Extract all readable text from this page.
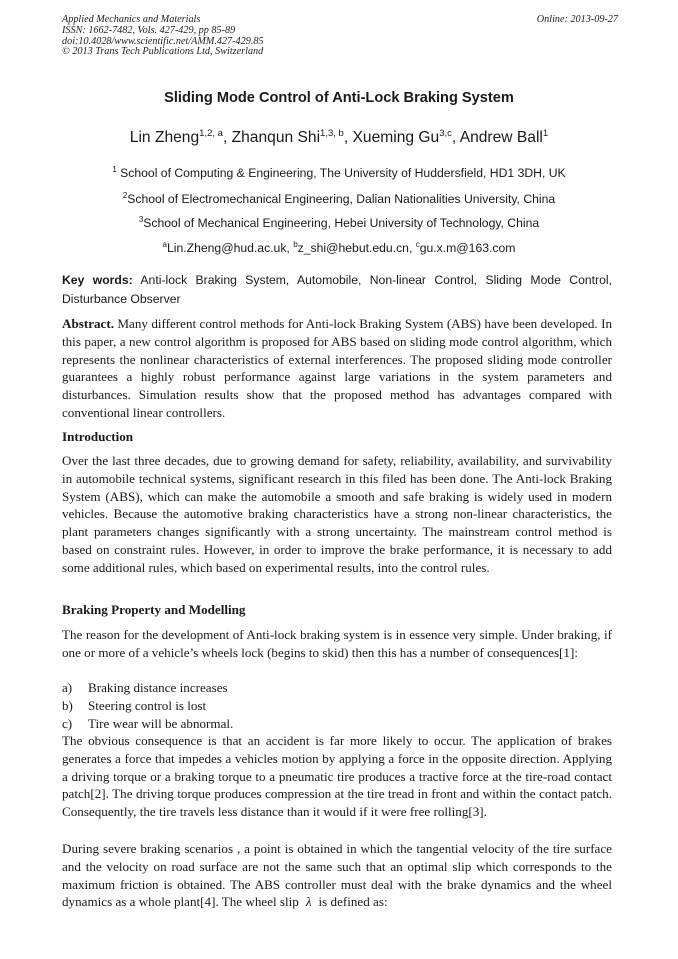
Applied Mechanics and Materials
ISSN: 1662-7482, Vols. 427-429, pp 85-89
doi:10.4028/www.scientific.net/AMM.427-429.85
© 2013 Trans Tech Publications Ltd, Switzerland
Online: 2013-09-27
Sliding Mode Control of Anti-Lock Braking System
Lin Zheng$^{1,2, a}$, Zhanqun Shi$^{1,3, b}$, Xueming Gu$^{3,c}$, Andrew Ball$^1$
$^1$ School of Computing & Engineering, The University of Huddersfield, HD1 3DH, UK
$^2$School of Electromechanical Engineering, Dalian Nationalities University, China
$^3$School of Mechanical Engineering, Hebei University of Technology, China
$^a$Lin.Zheng@hud.ac.uk, $^b$z_shi@hebut.edu.cn, $^c$gu.x.m@163.com
Key words: Anti-lock Braking System, Automobile, Non-linear Control, Sliding Mode Control, Disturbance Observer
Abstract. Many different control methods for Anti-lock Braking System (ABS) have been developed. In this paper, a new control algorithm is proposed for ABS based on sliding mode control algorithm, which represents the nonlinear characteristics of external interferences. The proposed sliding mode controller guarantees a highly robust performance against large variations in the system parameters and disturbances. Simulation results show that the proposed method has advantages compared with conventional linear controllers.
Introduction
Over the last three decades, due to growing demand for safety, reliability, availability, and survivability in automobile technical systems, significant research in this filed has been done. The Anti-lock Braking System (ABS), which can make the automobile a smooth and safe braking is widely used in modern vehicles. Because the automotive braking characteristics have a strong non-linear characteristics, the plant parameters changes significantly with a strong uncertainty. The mainstream control method is based on constraint rules. However, in order to improve the brake performance, it is necessary to add some additional rules, which based on experimental results, into the control rules.
Braking Property and Modelling
The reason for the development of Anti-lock braking system is in essence very simple. Under braking, if one or more of a vehicle’s wheels lock (begins to skid) then this has a number of consequences[1]:
a) Braking distance increases
b) Steering control is lost
c) Tire wear will be abnormal.
The obvious consequence is that an accident is far more likely to occur. The application of brakes generates a force that impedes a vehicles motion by applying a force in the opposite direction. Applying a driving torque or a braking torque to a pneumatic tire produces a tractive force at the tire-road contact patch[2]. The driving torque produces compression at the tire tread in front and within the contact patch. Consequently, the tire travels less distance than it would if it were free rolling[3].
During severe braking scenarios , a point is obtained in which the tangential velocity of the tire surface and the velocity on road surface are not the same such that an optimal slip which corresponds to the maximum friction is obtained. The ABS controller must deal with the brake dynamics and the wheel dynamics as a whole plant[4]. The wheel slip λ is defined as:
